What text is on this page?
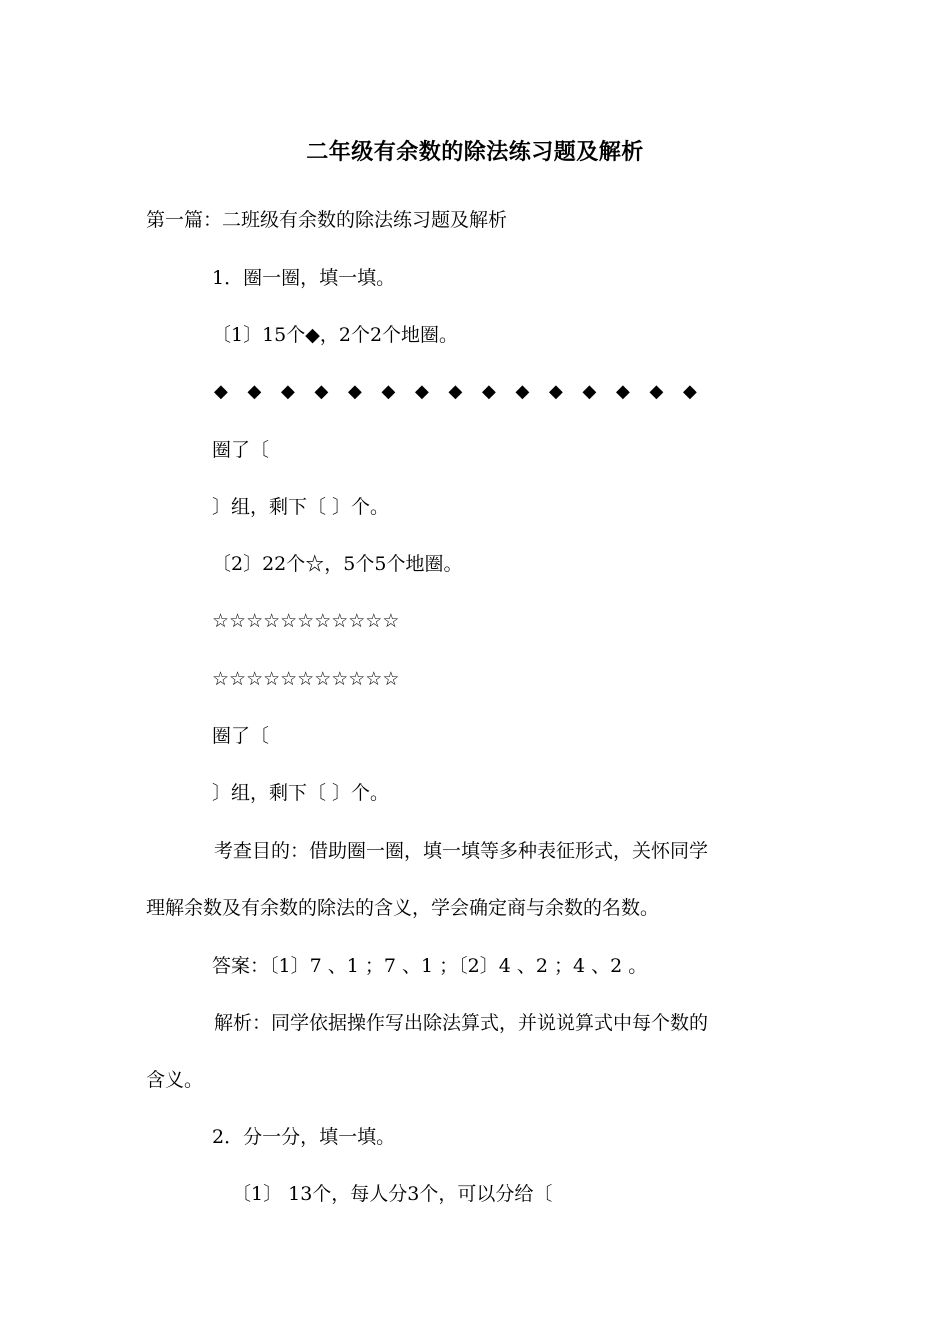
二年级有余数的除法练习题及解析
第一篇：二班级有余数的除法练习题及解析
1．圈一圈，填一填。
〔1〕15个◆，2个2个地圈。
◆ ◆ ◆ ◆ ◆ ◆ ◆ ◆ ◆ ◆ ◆ ◆ ◆ ◆ ◆
圈了〔
〕组，剩下〔 〕个。
〔2〕22个☆，5个5个地圈。
☆☆☆☆☆☆☆☆☆☆☆
☆☆☆☆☆☆☆☆☆☆☆
圈了〔
〕组，剩下〔 〕个。
考查目的：借助圈一圈，填一填等多种表征形式，关怀同学
理解余数及有余数的除法的含义，学会确定商与余数的名数。
答案：〔1〕7 、1 ；7 、1 ；〔2〕4 、2 ；4 、2 。
解析：同学依据操作写出除法算式，并说说算式中每个数的
含义。
2．分一分，填一填。
〔1〕 13个，每人分3个，可以分给〔
